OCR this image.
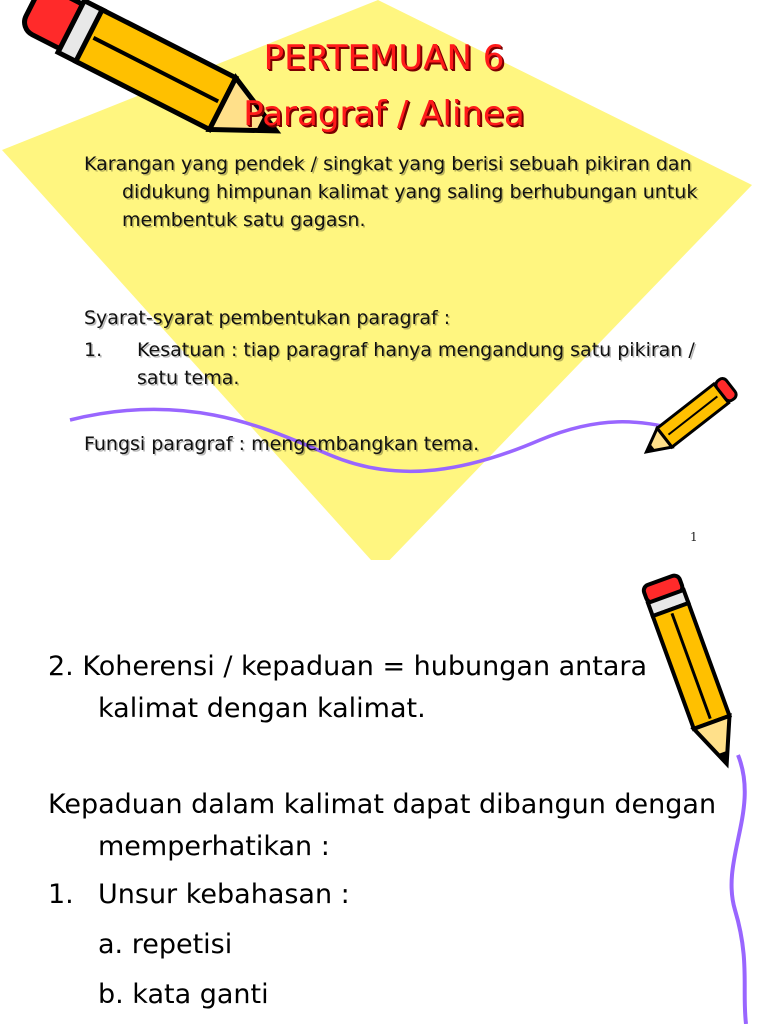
PERTEMUAN 6
Paragraf / Alinea

Karangan yang pendek / singkat yang berisi sebuah pikiran dan didukung himpunan kalimat yang saling berhubungan untuk membentuk satu gagasn.

Syarat-syarat pembentukan paragraf :

1.	Kesatuan : tiap paragraf hanya mengandung satu pikiran / satu tema.

Fungsi paragraf : mengembangkan tema.

1

2. Koherensi / kepaduan = hubungan antara kalimat dengan kalimat.

Kepaduan dalam kalimat dapat dibangun dengan memperhatikan :

1. Unsur kebahasan :

a. repetisi

b. kata ganti
